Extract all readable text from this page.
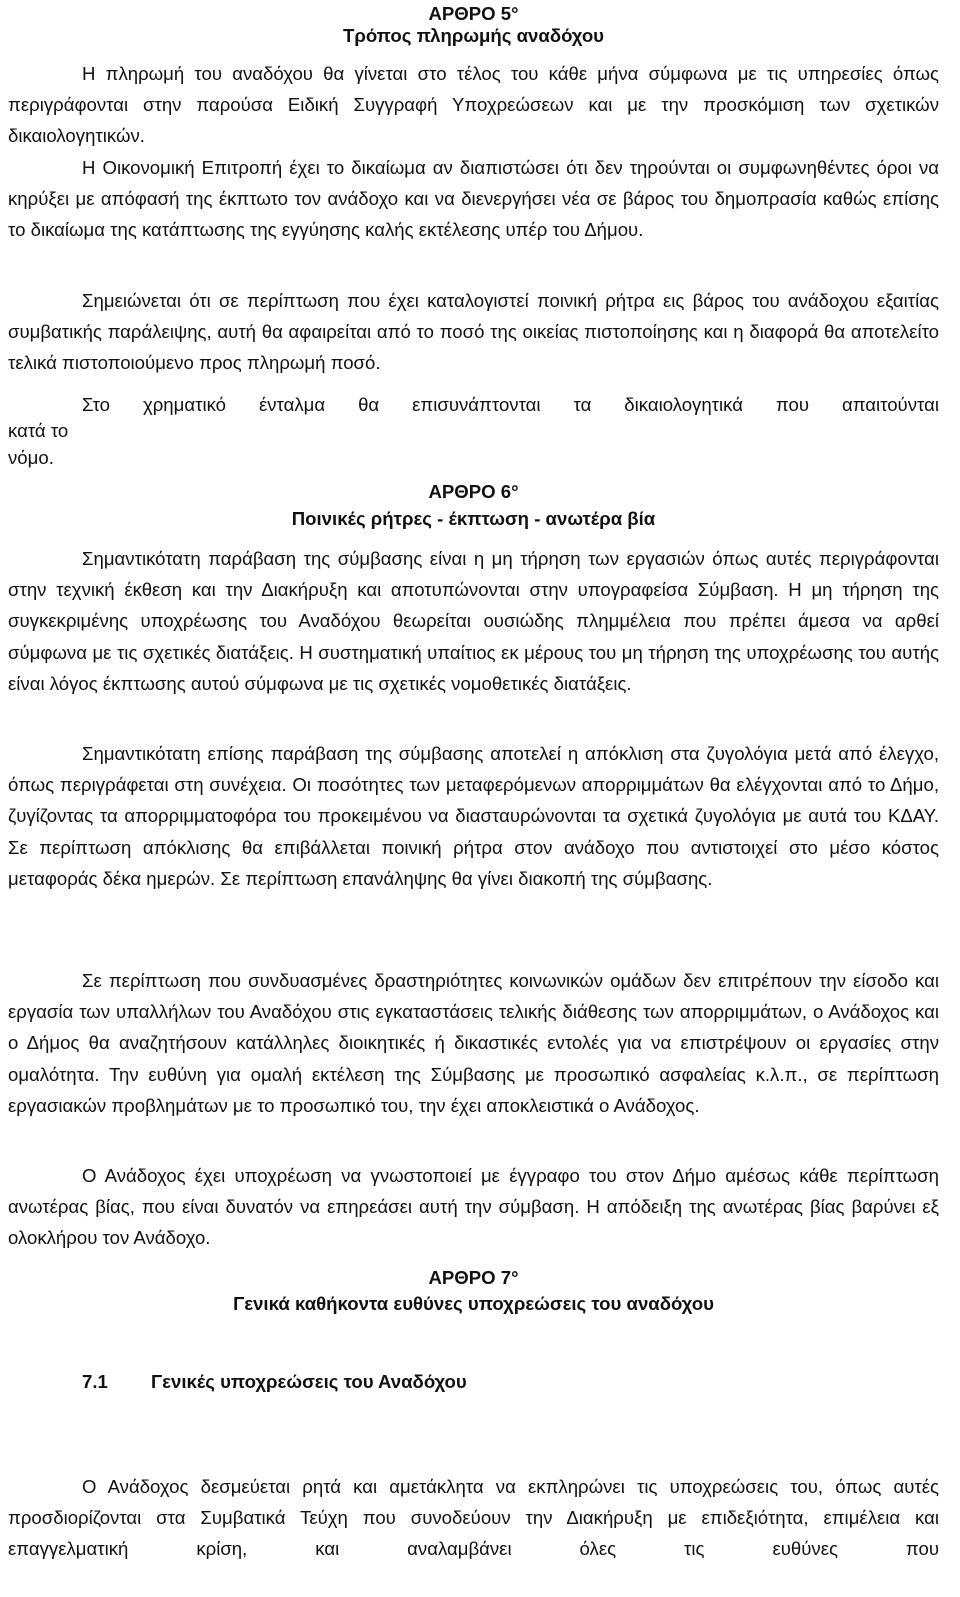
ΑΡΘΡΟ 5°
Τρόπος πληρωμής αναδόχου

Η πληρωμή του αναδόχου θα γίνεται στο τέλος του κάθε μήνα σύμφωνα με τις υπηρεσίες όπως περιγράφονται στην παρούσα Ειδική Συγγραφή Υποχρεώσεων και με την προσκόμιση των σχετικών δικαιολογητικών.

Η Οικονομική Επιτροπή έχει το δικαίωμα αν διαπιστώσει ότι δεν τηρούνται οι συμφωνηθέντες όροι να κηρύξει με απόφασή της έκπτωτο τον ανάδοχο και να διενεργήσει νέα σε βάρος του δημοπρασία καθώς επίσης το δικαίωμα της κατάπτωσης της εγγύησης καλής εκτέλεσης υπέρ του Δήμου.

Σημειώνεται ότι σε περίπτωση που έχει καταλογιστεί ποινική ρήτρα εις βάρος του ανάδοχου εξαιτίας συμβατικής παράλειψης, αυτή θα αφαιρείται από το ποσό της οικείας πιστοποίησης και η διαφορά θα αποτελείτο τελικά πιστοποιούμενο προς πληρωμή ποσό.

Στο χρηματικό ένταλμα θα επισυνάπτονται τα δικαιολογητικά που απαιτούνται

κατά το
νόμο.
ΑΡΘΡΟ 6°
Ποινικές ρήτρες - έκπτωση - ανωτέρα βία

Σημαντικότατη παράβαση της σύμβασης είναι η μη τήρηση των εργασιών όπως αυτές περιγράφονται στην τεχνική έκθεση και την Διακήρυξη και αποτυπώνονται στην υπογραφείσα Σύμβαση. Η μη τήρηση της συγκεκριμένης υποχρέωσης του Αναδόχου θεωρείται ουσιώδης πλημμέλεια που πρέπει άμεσα να αρθεί σύμφωνα με τις σχετικές διατάξεις. Η συστηματική υπαίτιος εκ μέρους του μη τήρηση της υποχρέωσης του αυτής είναι λόγος έκπτωσης αυτού σύμφωνα με τις σχετικές νομοθετικές διατάξεις.

Σημαντικότατη επίσης παράβαση της σύμβασης αποτελεί η απόκλιση στα ζυγολόγια μετά από έλεγχο, όπως περιγράφεται στη συνέχεια. Οι ποσότητες των μεταφερόμενων απορριμμάτων θα ελέγχονται από το Δήμο, ζυγίζοντας τα απορριμματοφόρα του προκειμένου να διασταυρώνονται τα σχετικά ζυγολόγια με αυτά του ΚΔΑΥ. Σε περίπτωση απόκλισης θα επιβάλλεται ποινική ρήτρα στον ανάδοχο που αντιστοιχεί στο μέσο κόστος μεταφοράς δέκα ημερών. Σε περίπτωση επανάληψης θα γίνει διακοπή της σύμβασης.

Σε περίπτωση που συνδυασμένες δραστηριότητες κοινωνικών ομάδων δεν επιτρέπουν την είσοδο και εργασία των υπαλλήλων του Αναδόχου στις εγκαταστάσεις τελικής διάθεσης των απορριμμάτων, ο Ανάδοχος και ο Δήμος θα αναζητήσουν κατάλληλες διοικητικές ή δικαστικές εντολές για να επιστρέψουν οι εργασίες στην ομαλότητα. Την ευθύνη για ομαλή εκτέλεση της Σύμβασης με προσωπικό ασφαλείας κ.λ.π., σε περίπτωση εργασιακών προβλημάτων με το προσωπικό του, την έχει αποκλειστικά ο Ανάδοχος.

Ο Ανάδοχος έχει υποχρέωση να γνωστοποιεί με έγγραφο του στον Δήμο αμέσως κάθε περίπτωση ανωτέρας βίας, που είναι δυνατόν να επηρεάσει αυτή την σύμβαση. Η απόδειξη της ανωτέρας βίας βαρύνει εξ ολοκλήρου τον Ανάδοχο.

ΑΡΘΡΟ 7°
Γενικά καθήκοντα ευθύνες υποχρεώσεις του αναδόχου
7.1 Γενικές υποχρεώσεις του Αναδόχου

Ο Ανάδοχος δεσμεύεται ρητά και αμετάκλητα να εκπληρώνει τις υποχρεώσεις του, όπως αυτές προσδιορίζονται στα Συμβατικά Τεύχη που συνοδεύουν την Διακήρυξη με επιδεξιότητα, επιμέλεια και επαγγελματική κρίση, και αναλαμβάνει όλες τις ευθύνες που
